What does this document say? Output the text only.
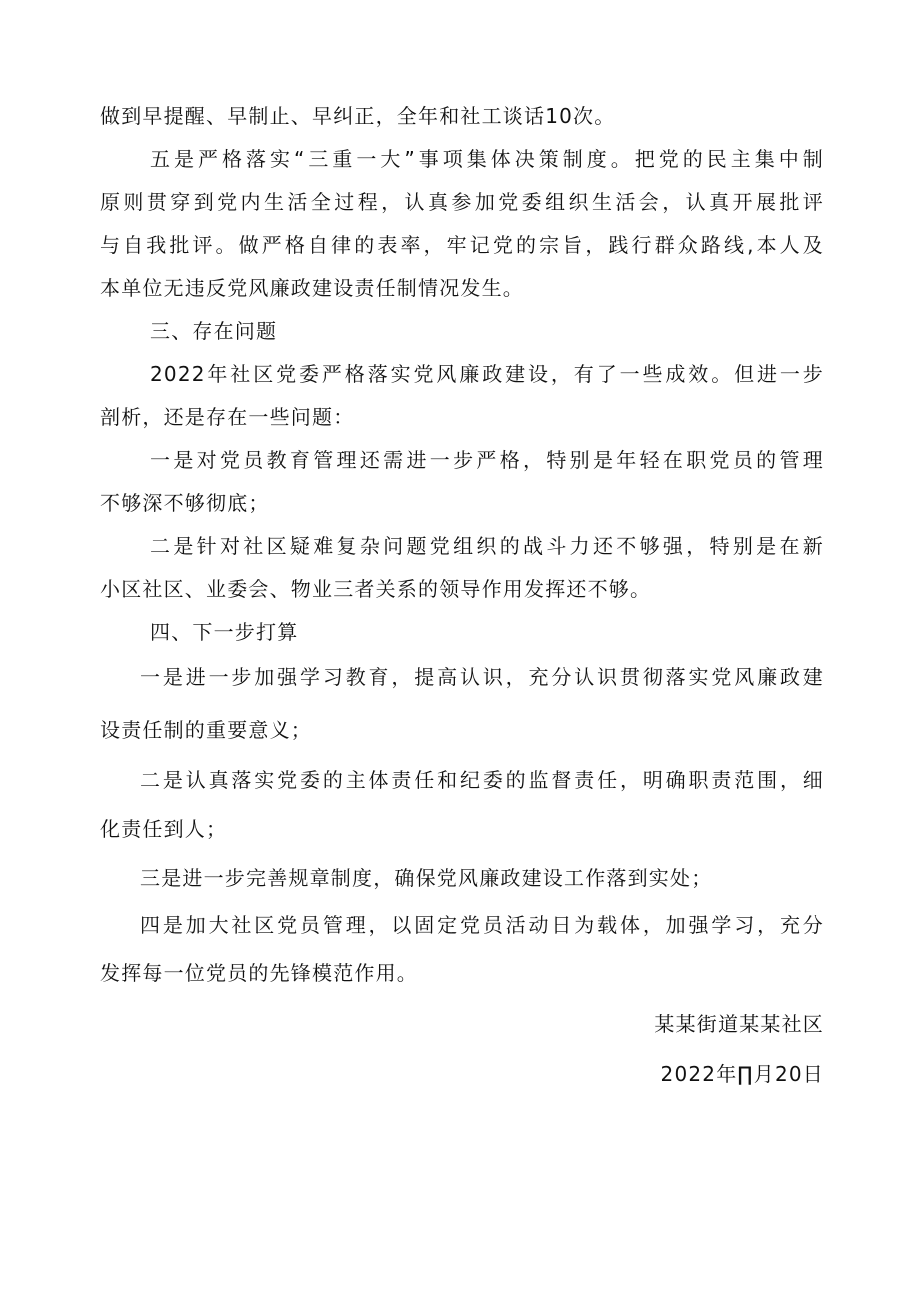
做到早提醒、早制止、早纠正，全年和社工谈话10次。
五是严格落实“三重一大”事项集体决策制度。把党的民主集中制
原则贯穿到党内生活全过程，认真参加党委组织生活会，认真开展批评
与自我批评。做严格自律的表率，牢记党的宗旨，践行群众路线,本人及
本单位无违反党风廉政建设责任制情况发生。
三、存在问题
2022年社区党委严格落实党风廉政建设，有了一些成效。但进一步
剖析，还是存在一些问题：
一是对党员教育管理还需进一步严格，特别是年轻在职党员的管理
不够深不够彻底；
二是针对社区疑难复杂问题党组织的战斗力还不够强，特别是在新
小区社区、业委会、物业三者关系的领导作用发挥还不够。
四、下一步打算
一是进一步加强学习教育，提高认识，充分认识贯彻落实党风廉政建
设责任制的重要意义；
二是认真落实党委的主体责任和纪委的监督责任，明确职责范围，细
化责任到人；
三是进一步完善规章制度，确保党风廉政建设工作落到实处；
四是加大社区党员管理，以固定党员活动日为载体，加强学习，充分
发挥每一位党员的先锋模范作用。
某某街道某某社区
2022年∏月20日
